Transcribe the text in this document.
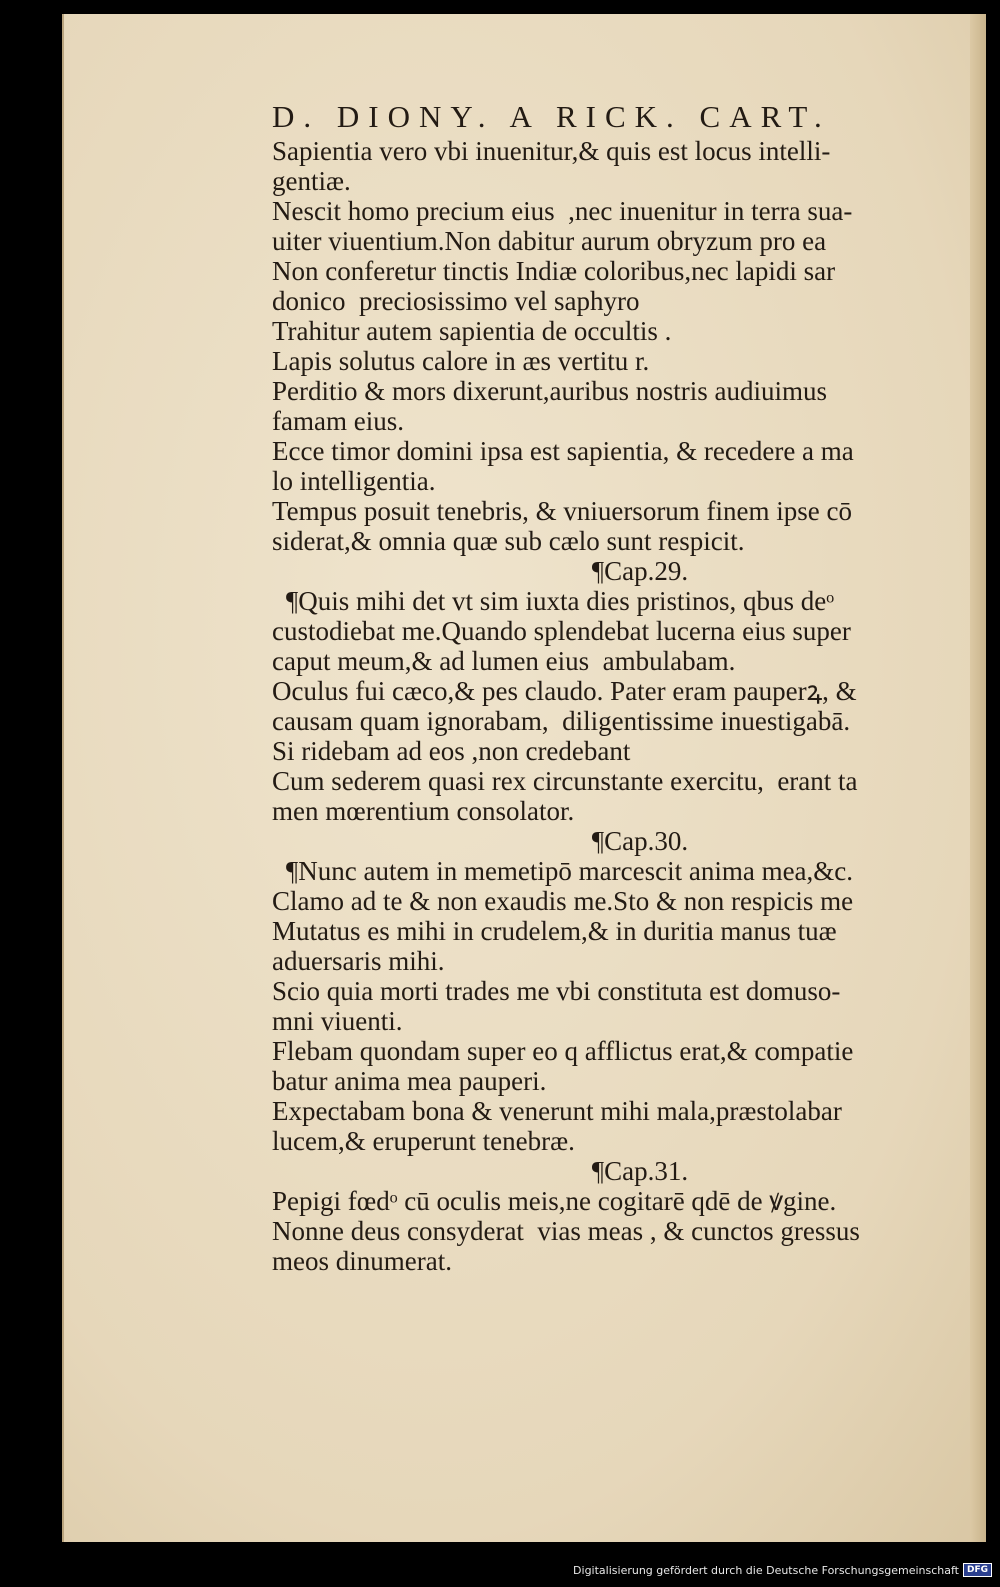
D. DIONY. A RICK. CART.
Sapientia vero vbi inuenitur,& quis est locus intelli-
gentiæ.
Nescit homo precium eius  ,nec inuenitur in terra sua-
uiter viuentium.Non dabitur aurum obryzum pro ea
Non conferetur tinctis Indiæ coloribus,nec lapidi sar
donico  preciosissimo vel saphyro
Trahitur autem sapientia de occultis .
Lapis solutus calore in æs vertitu r.
Perditio & mors dixerunt,auribus nostris audiuimus
famam eius.
Ecce timor domini ipsa est sapientia, & recedere a ma
lo intelligentia.
Tempus posuit tenebris, & vniuersorum finem ipse cō
siderat,& omnia quæ sub cælo sunt respicit.
¶Cap.29.
¶Quis mihi det vt sim iuxta dies pristinos, qbus deᵒ
custodiebat me.Quando splendebat lucerna eius super
caput meum,& ad lumen eius  ambulabam.
Oculus fui cæco,& pes claudo. Pater eram pauperꝝ, &
causam quam ignorabam,  diligentissime inuestigabā.
Si ridebam ad eos ,non credebant
Cum sederem quasi rex circunstante exercitu,  erant ta
men mœrentium consolator.
¶Cap.30.
¶Nunc autem in memetipō marcescit anima mea,&c.
Clamo ad te & non exaudis me.Sto & non respicis me
Mutatus es mihi in crudelem,& in duritia manus tuæ
aduersaris mihi.
Scio quia morti trades me vbi constituta est domuso-
mni viuenti.
Flebam quondam super eo q afflictus erat,& compatie
batur anima mea pauperi.
Expectabam bona & venerunt mihi mala,præstolabar
lucem,& eruperunt tenebræ.
¶Cap.31.
Pepigi fœdᵒ cū oculis meis,ne cogitarē qdē de ꝟgine.
Nonne deus consyderat  vias meas , & cunctos gressus
meos dinumerat.
Digitalisierung gefördert durch die Deutsche Forschungsgemeinschaft DFG
